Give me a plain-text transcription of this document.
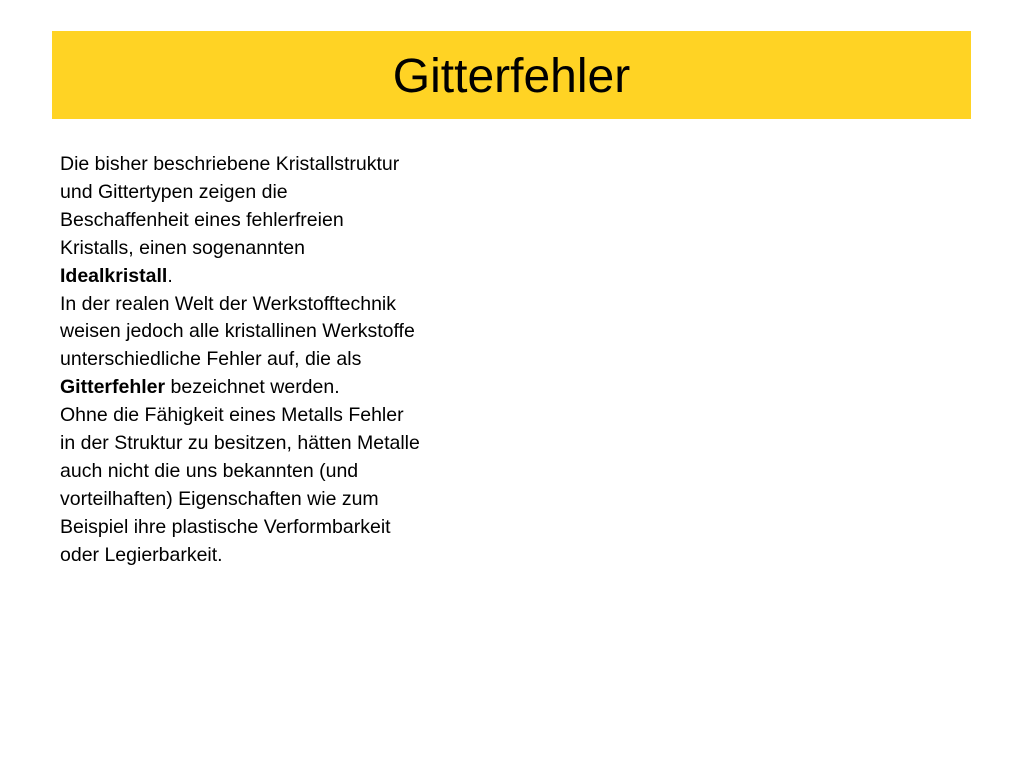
Gitterfehler

Die bisher beschriebene Kristallstruktur und Gittertypen zeigen die Beschaffenheit eines fehlerfreien Kristalls, einen sogenannten Idealkristall.

In der realen Welt der Werkstofftechnik weisen jedoch alle kristallinen Werkstoffe unterschiedliche Fehler auf, die als Gitterfehler bezeichnet werden.

Ohne die Fähigkeit eines Metalls Fehler in der Struktur zu besitzen, hätten Metalle auch nicht die uns bekannten (und vorteilhaften) Eigenschaften wie zum Beispiel ihre plastische Verformbarkeit oder Legierbarkeit.
